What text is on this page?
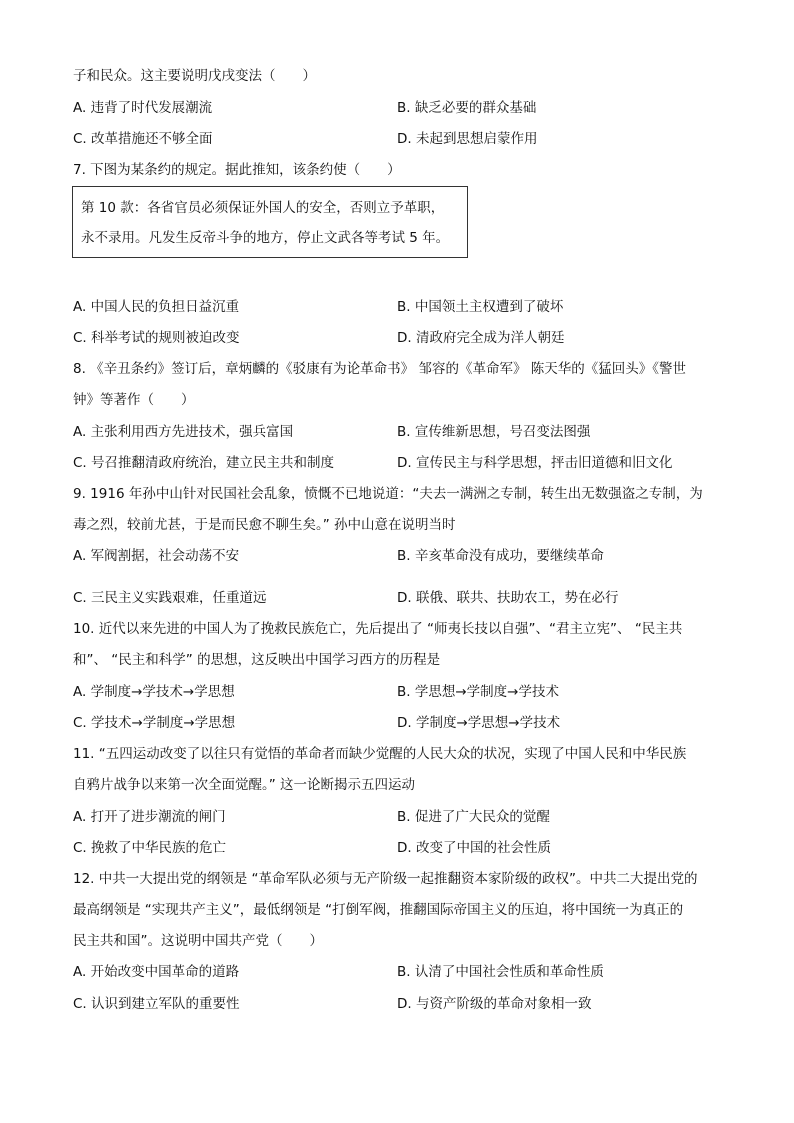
子和民众。这主要说明戊戌变法（　　）
A. 违背了时代发展潮流	B. 缺乏必要的群众基础
C. 改革措施还不够全面	D. 未起到思想启蒙作用
7. 下图为某条约的规定。据此推知，该条约使（　　）
第 10 款：各省官员必须保证外国人的安全，否则立予革职，
永不录用。凡发生反帝斗争的地方，停止文武各等考试 5 年。
A. 中国人民的负担日益沉重	B. 中国领土主权遭到了破坏
C. 科举考试的规则被迫改变	D. 清政府完全成为洋人朝廷
8. 《辛丑条约》签订后，章炳麟的《驳康有为论革命书》 邹容的《革命军》 陈天华的《猛回头》《警世
钟》等著作（　　）
A. 主张利用西方先进技术，强兵富国	B. 宣传维新思想，号召变法图强
C. 号召推翻清政府统治，建立民主共和制度	D. 宣传民主与科学思想，抨击旧道德和旧文化
9. 1916 年孙中山针对民国社会乱象，愤慨不已地说道：“夫去一满洲之专制，转生出无数强盗之专制，为
毒之烈，较前尤甚，于是而民愈不聊生矣。” 孙中山意在说明当时
A. 军阀割据，社会动荡不安	B. 辛亥革命没有成功，要继续革命
C. 三民主义实践艰难，任重道远	D. 联俄、联共、扶助农工，势在必行
10. 近代以来先进的中国人为了挽救民族危亡，先后提出了 “师夷长技以自强”、“君主立宪”、 “民主共
和”、 “民主和科学” 的思想，这反映出中国学习西方的历程是
A. 学制度→学技术→学思想	B. 学思想→学制度→学技术
C. 学技术→学制度→学思想	D. 学制度→学思想→学技术
11. “五四运动改变了以往只有觉悟的革命者而缺少觉醒的人民大众的状况，实现了中国人民和中华民族
自鸦片战争以来第一次全面觉醒。” 这一论断揭示五四运动
A. 打开了进步潮流的闸门	B. 促进了广大民众的觉醒
C. 挽救了中华民族的危亡	D. 改变了中国的社会性质
12. 中共一大提出党的纲领是 “革命军队必须与无产阶级一起推翻资本家阶级的政权”。中共二大提出党的
最高纲领是 “实现共产主义”，最低纲领是 “打倒军阀，推翻国际帝国主义的压迫，将中国统一为真正的
民主共和国”。这说明中国共产党（　　）
A. 开始改变中国革命的道路	B. 认清了中国社会性质和革命性质
C. 认识到建立军队的重要性	D. 与资产阶级的革命对象相一致
